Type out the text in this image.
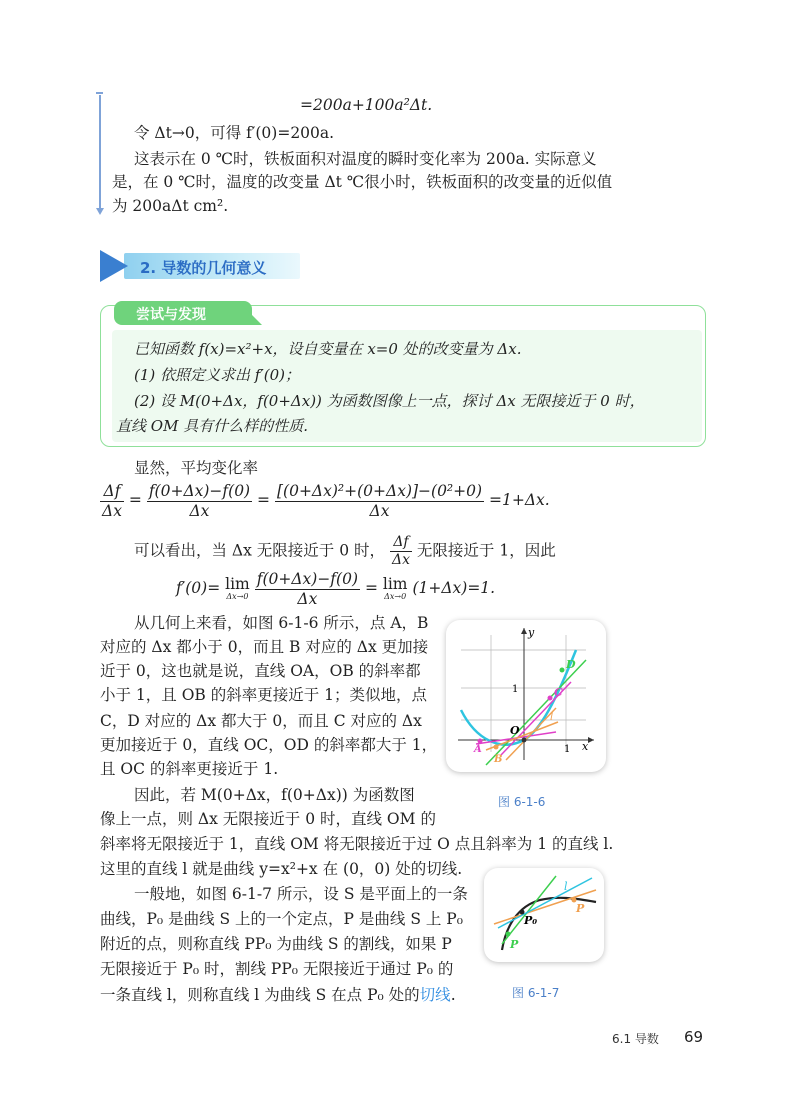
=200a+100a²Δt.
令 Δt→0，可得 f′(0)=200a.
这表示在 0 ℃时，铁板面积对温度的瞬时变化率为 200a. 实际意义
是，在 0 ℃时，温度的改变量 Δt ℃很小时，铁板面积的改变量的近似值
为 200aΔt cm².
2. 导数的几何意义
尝试与发现
已知函数 f(x)=x²+x，设自变量在 x=0 处的改变量为 Δx.
(1) 依照定义求出 f′(0)；
(2) 设 M(0+Δx，f(0+Δx)) 为函数图像上一点，探讨 Δx 无限接近于 0 时，
直线 OM 具有什么样的性质.
显然，平均变化率
$\frac{\Delta f}{\Delta x} = \frac{f(0+\Delta x)-f(0)}{\Delta x} = \frac{\text{[(0+Δx)²+(0+Δx)]−(0²+0)}}{\Delta x} =1+\Delta x$.
可以看出，当 Δx 无限接近于 0 时， $\frac{\Delta f}{\Delta x}$ 无限接近于 1，因此
f′(0)= lim
Δx→0
$\frac{f(0+\Delta x)-f(0)}{\Delta x} = \lim$
Δx→0 (1+Δx)=1.
从几何上来看，如图 6-1-6 所示，点 A，B
对应的 Δx 都小于 0，而且 B 对应的 Δx 更加接
近于 0，这也就是说，直线 OA，OB 的斜率都
小于 1，且 OB 的斜率更接近于 1；类似地，点
C，D 对应的 Δx 都大于 0，而且 C 对应的 Δx
更加接近于 0，直线 OC，OD 的斜率都大于 1，
且 OC 的斜率更接近于 1.
因此，若 M(0+Δx，f(0+Δx)) 为函数图
像上一点，则 Δx 无限接近于 0 时，直线 OM 的
斜率将无限接近于 1，直线 OM 将无限接近于过 O 点且斜率为 1 的直线 l.
这里的直线 l 就是曲线 y=x²+x 在 (0，0) 处的切线.
一般地，如图 6-1-7 所示，设 S 是平面上的一条
曲线，P₀ 是曲线 S 上的一个定点，P 是曲线 S 上 P₀
附近的点，则称直线 PP₀ 为曲线 S 的割线，如果 P
无限接近于 P₀ 时，割线 PP₀ 无限接近于通过 P₀ 的
一条直线 l，则称直线 l 为曲线 S 在点 P₀ 处的切线.
y
x
1
1
O
D
C
A
B
l
图 6-1-6
l
P₀
P
P
图 6-1-7
6.1 导数 69
